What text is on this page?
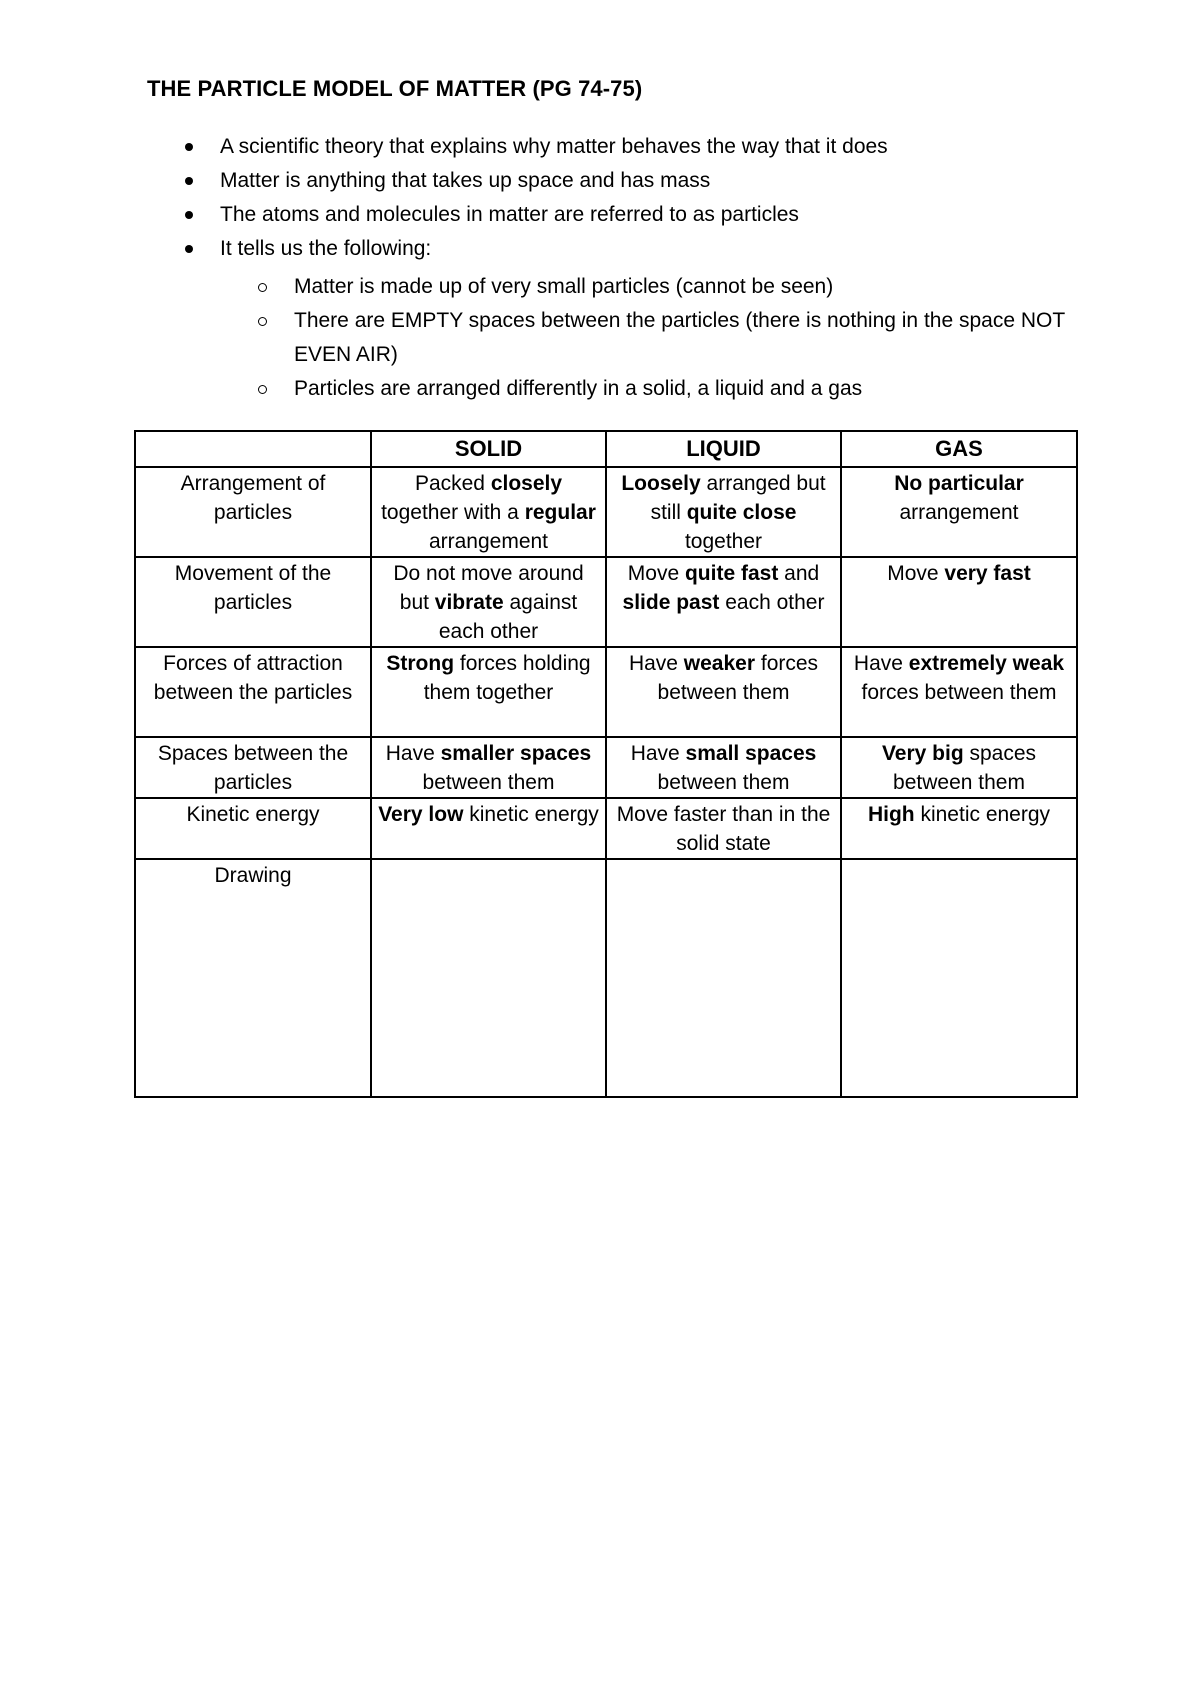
THE PARTICLE MODEL OF MATTER (PG 74-75)
A scientific theory that explains why matter behaves the way that it does
Matter is anything that takes up space and has mass
The atoms and molecules in matter are referred to as particles
It tells us the following:
Matter is made up of very small particles (cannot be seen)
There are EMPTY spaces between the particles (there is nothing in the space NOT EVEN AIR)
Particles are arranged differently in a solid, a liquid and a gas
	SOLID	LIQUID	GAS
Arrangement of particles	Packed closely together with a regular arrangement	Loosely arranged but still quite close together	No particular arrangement
Movement of the particles	Do not move around but vibrate against each other	Move quite fast and slide past each other	Move very fast
Forces of attraction between the particles	Strong forces holding them together	Have weaker forces between them	Have extremely weak forces between them
Spaces between the particles	Have smaller spaces between them	Have small spaces between them	Very big spaces between them
Kinetic energy	Very low kinetic energy	Move faster than in the solid state	High kinetic energy
Drawing			
